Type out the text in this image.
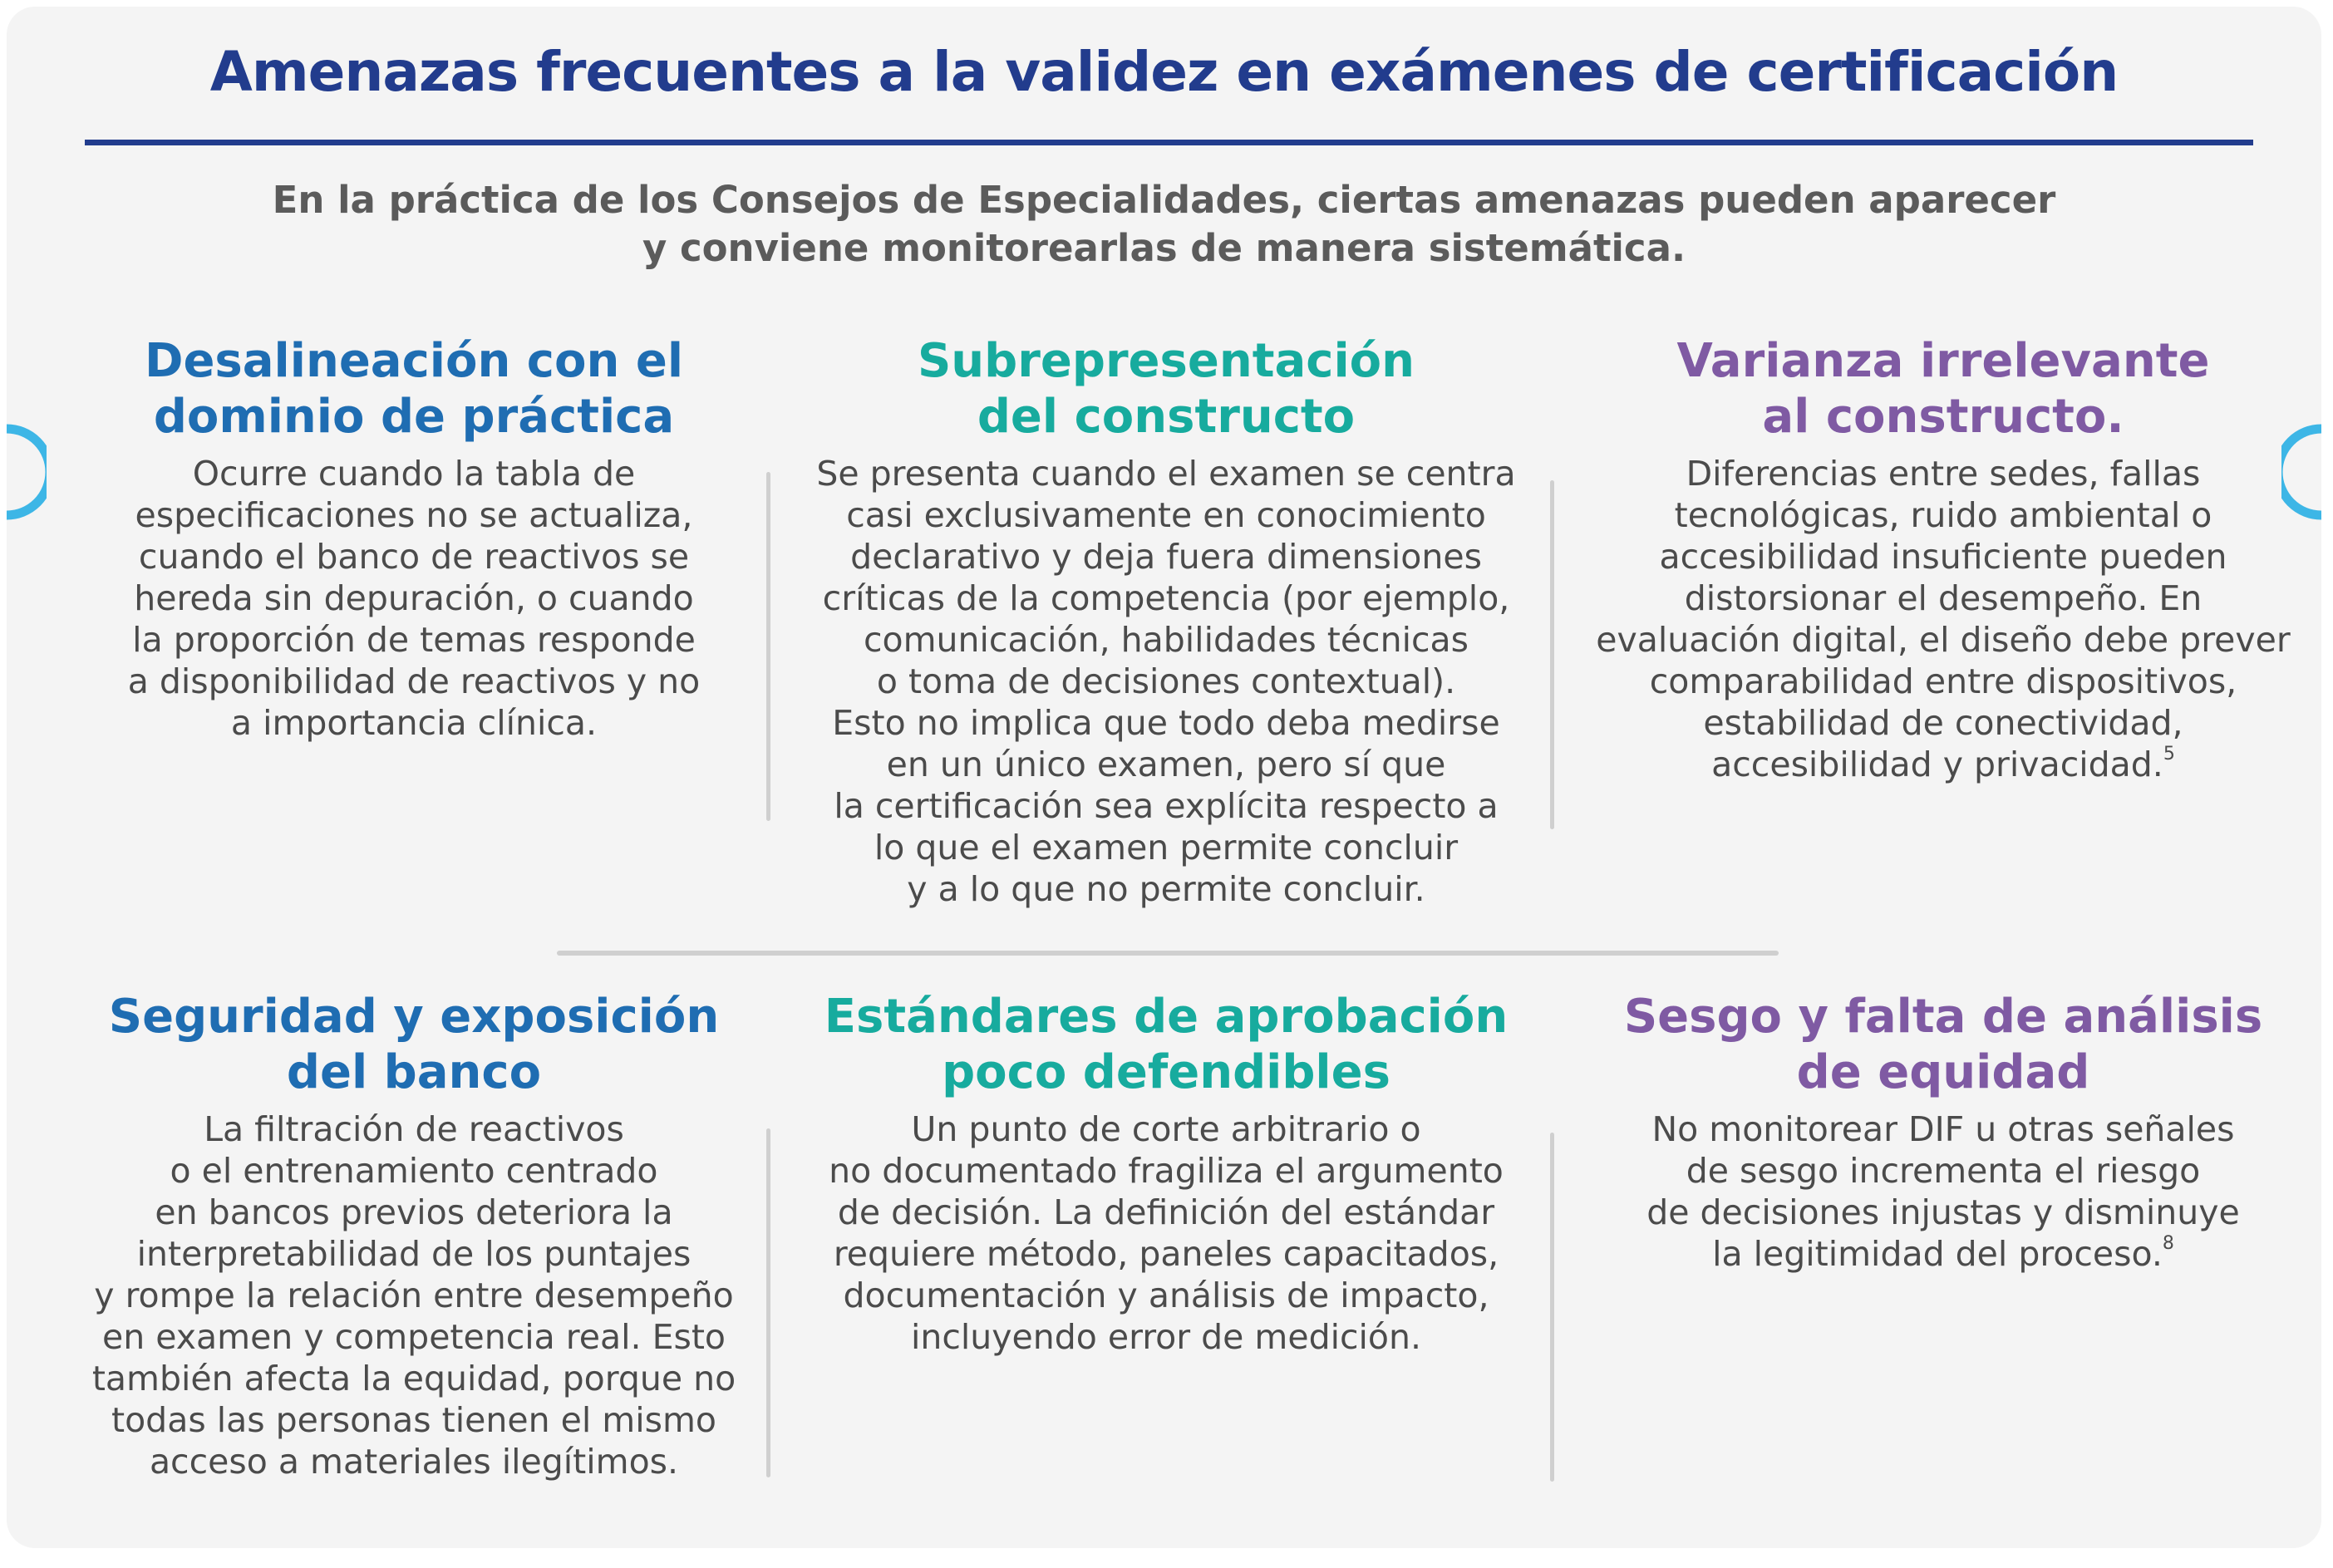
Amenazas frecuentes a la validez en exámenes de certificación
En la práctica de los Consejos de Especialidades, ciertas amenazas pueden aparecer
y conviene monitorearlas de manera sistemática.
Desalineación con el
dominio de práctica
Ocurre cuando la tabla de
especificaciones no se actualiza,
cuando el banco de reactivos se
hereda sin depuración, o cuando
la proporción de temas responde
a disponibilidad de reactivos y no
a importancia clínica.
Subrepresentación
del constructo
Se presenta cuando el examen se centra
casi exclusivamente en conocimiento
declarativo y deja fuera dimensiones
críticas de la competencia (por ejemplo,
comunicación, habilidades técnicas
o toma de decisiones contextual).
Esto no implica que todo deba medirse
en un único examen, pero sí que
la certificación sea explícita respecto a
lo que el examen permite concluir
y a lo que no permite concluir.
Varianza irrelevante
al constructo.
Diferencias entre sedes, fallas
tecnológicas, ruido ambiental o
accesibilidad insuficiente pueden
distorsionar el desempeño. En
evaluación digital, el diseño debe prever
comparabilidad entre dispositivos,
estabilidad de conectividad,
accesibilidad y privacidad.$^5$
Seguridad y exposición
del banco
La filtración de reactivos
o el entrenamiento centrado
en bancos previos deteriora la
interpretabilidad de los puntajes
y rompe la relación entre desempeño
en examen y competencia real. Esto
también afecta la equidad, porque no
todas las personas tienen el mismo
acceso a materiales ilegítimos.
Estándares de aprobación
poco defendibles
Un punto de corte arbitrario o
no documentado fragiliza el argumento
de decisión. La definición del estándar
requiere método, paneles capacitados,
documentación y análisis de impacto,
incluyendo error de medición.
Sesgo y falta de análisis
de equidad
No monitorear DIF u otras señales
de sesgo incrementa el riesgo
de decisiones injustas y disminuye
la legitimidad del proceso.$^8$
